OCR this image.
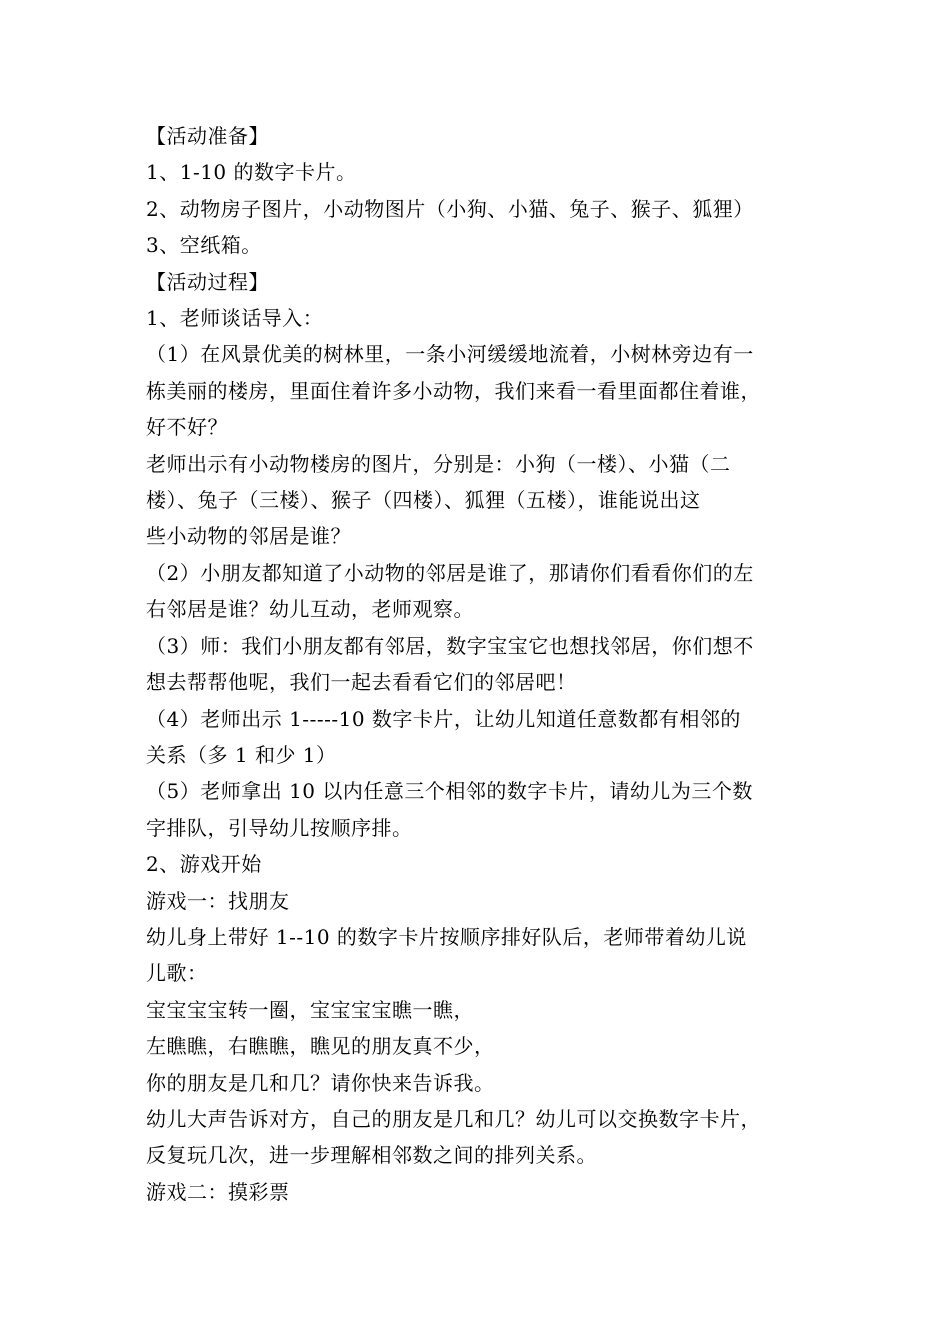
【活动准备】

1、1-10 的数字卡片。

2、动物房子图片，小动物图片（小狗、小猫、兔子、猴子、狐狸）

3、空纸箱。

【活动过程】

1、老师谈话导入：

（1）在风景优美的树林里，一条小河缓缓地流着，小树林旁边有一

栋美丽的楼房，里面住着许多小动物，我们来看一看里面都住着谁，

好不好？

老师出示有小动物楼房的图片，分别是：小狗（一楼）、小猫（二

楼）、兔子（三楼）、猴子（四楼）、狐狸（五楼），谁能说出这

些小动物的邻居是谁？

（2）小朋友都知道了小动物的邻居是谁了，那请你们看看你们的左

右邻居是谁？幼儿互动，老师观察。

（3）师：我们小朋友都有邻居，数字宝宝它也想找邻居，你们想不

想去帮帮他呢，我们一起去看看它们的邻居吧！

（4）老师出示 1-----10 数字卡片，让幼儿知道任意数都有相邻的

关系（多 1 和少 1）

（5）老师拿出 10 以内任意三个相邻的数字卡片，请幼儿为三个数

字排队，引导幼儿按顺序排。

2、游戏开始

游戏一：找朋友

幼儿身上带好 1--10 的数字卡片按顺序排好队后，老师带着幼儿说

儿歌：

宝宝宝宝转一圈，宝宝宝宝瞧一瞧，

左瞧瞧，右瞧瞧，瞧见的朋友真不少，

你的朋友是几和几？请你快来告诉我。

幼儿大声告诉对方，自己的朋友是几和几？幼儿可以交换数字卡片，

反复玩几次，进一步理解相邻数之间的排列关系。

游戏二：摸彩票
